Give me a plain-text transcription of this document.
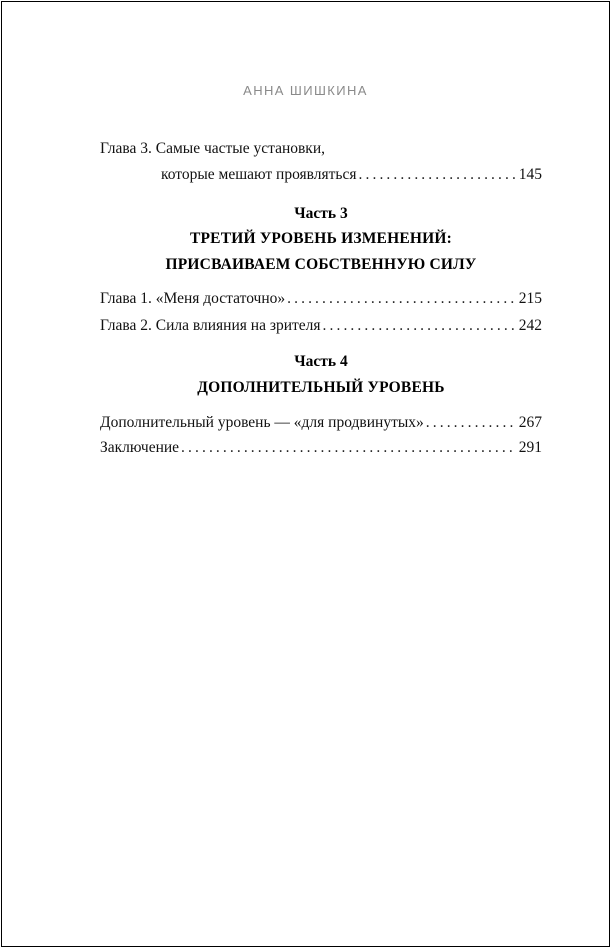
АННА ШИШКИНА
Глава 3. Самые частые установки,
которые мешают проявляться .....	145
Часть 3
ТРЕТИЙ УРОВЕНЬ ИЗМЕНЕНИЙ:
ПРИСВАИВАЕМ СОБСТВЕННУЮ СИЛУ
Глава 1. «Меня достаточно» .....	215
Глава 2. Сила влияния на зрителя .....	242
Часть 4
ДОПОЛНИТЕЛЬНЫЙ УРОВЕНЬ
Дополнительный уровень — «для продвинутых» .....	267
Заключение .....	291
